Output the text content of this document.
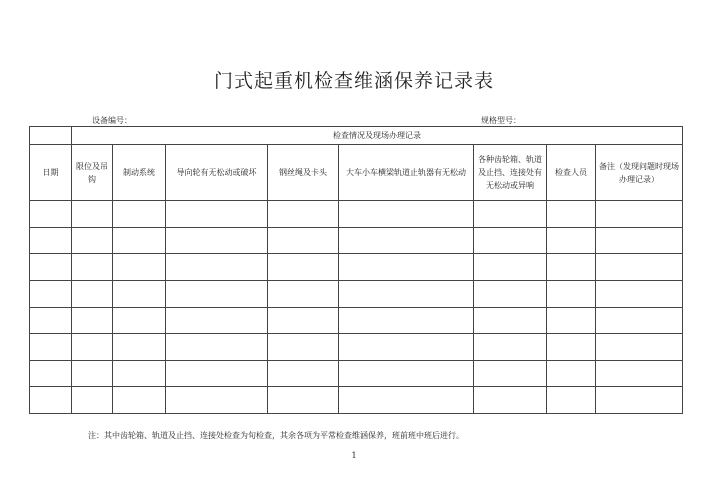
门式起重机检查维涵保养记录表
设备编号：	规格型号：
	检查情况及现场办理记录							
日期	限位及吊钩	制动系统	导向轮有无松动或破坏	钢丝绳及卡头	大车小车横梁轨道止轨器有无松动	各种齿轮箱、轨道及止挡、连接处有无松动或异响	检查人员	备注（发现问题时现场办理记录）

注：其中齿轮箱、轨道及止挡、连接处检查为旬检查，其余各项为平常检查维涵保养，班前班中班后进行。
1
